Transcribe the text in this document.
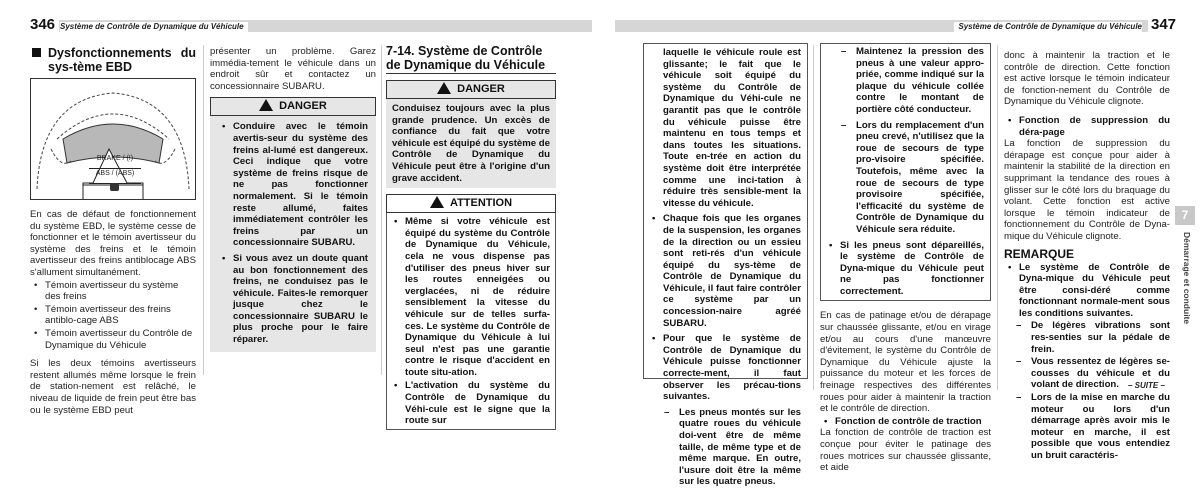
346 Système de Contrôle de Dynamique du Véhicule
Dysfonctionnements du sys-tème EBD
BRAKE / (!)
ABS / (ABS)

En cas de défaut de fonctionnement du système EBD, le système cesse de fonctionner et le témoin avertisseur du système des freins et le témoin avertisseur des freins antiblocage ABS s'allument simultanément.

• Témoin avertisseur du système des freins
• Témoin avertisseur des freins antiblo-cage ABS
• Témoin avertisseur du Contrôle de Dynamique du Véhicule

Si les deux témoins avertisseurs restent allumés même lorsque le frein de station-nement est relâché, le niveau de liquide de frein peut être bas ou le système EBD peut

présenter un problème. Garez immédia-tement le véhicule dans un endroit sûr et contactez un concessionnaire SUBARU.

DANGER
• Conduire avec le témoin avertis-seur du système des freins al-lumé est dangereux. Ceci indique que votre système de freins risque de ne pas fonctionner normalement. Si le témoin reste allumé, faites immédiatement contrôler les freins par un concessionnaire SUBARU.
• Si vous avez un doute quant au bon fonctionnement des freins, ne conduisez pas le véhicule. Faites-le remorquer jusque chez le concessionnaire SUBARU le plus proche pour le faire réparer.
7-14. Système de Contrôle de Dynamique du Véhicule
DANGER
Conduisez toujours avec la plus grande prudence. Un excès de confiance du fait que votre véhicule est équipé du système de Contrôle de Dynamique du Véhicule peut être à l'origine d'un grave accident.
ATTENTION
• Même si votre véhicule est équipé du système du Contrôle de Dynamique du Véhicule, cela ne vous dispense pas d'utiliser des pneus hiver sur les routes enneigées ou verglacées, ni de réduire sensiblement la vitesse du véhicule sur de telles surfa-ces. Le système du Contrôle de Dynamique du Véhicule à lui seul n'est pas une garantie contre le risque d'accident en toute situ-ation.
• L'activation du système du Contrôle de Dynamique du Véhi-cule est le signe que la route sur
Système de Contrôle de Dynamique du Véhicule 347

laquelle le véhicule roule est glissante; le fait que le véhicule soit équipé du système du Contrôle de Dynamique du Véhi-cule ne garantit pas que le contrôle du véhicule puisse être maintenu en tous temps et dans toutes les situations. Toute en-trée en action du système doit être interprétée comme une inci-tation à réduire très sensible-ment la vitesse du véhicule.

• Chaque fois que les organes de la suspension, les organes de la direction ou un essieu sont reti-rés d'un véhicule équipé du sys-tème de Contrôle de Dynamique du Véhicule, il faut faire contrôler ce système par un concession-naire agréé SUBARU.
• Pour que le système de Contrôle de Dynamique du Véhicule puisse fonctionner correcte-ment, il faut observer les précau-tions suivantes.
– Les pneus montés sur les quatre roues du véhicule doi-vent être de même taille, de même type et de même marque. En outre, l'usure doit être la même sur les quatre pneus.
– Maintenez la pression des pneus à une valeur appro-priée, comme indiqué sur la plaque du véhicule collée contre le montant de portière côté conducteur.
– Lors du remplacement d'un pneu crevé, n'utilisez que la roue de secours de type pro-visoire spécifiée. Toutefois, même avec la roue de secours de type provisoire spécifiée, l'efficacité du système de Contrôle de Dynamique du Véhicule sera réduite.
• Si les pneus sont dépareillés, le système de Contrôle de Dyna-mique du Véhicule peut ne pas fonctionner correctement.

En cas de patinage et/ou de dérapage sur chaussée glissante, et/ou en virage et/ou au cours d'une manœuvre d'évitement, le système du Contrôle de Dynamique du Véhicule ajuste la puissance du moteur et les forces de freinage respectives des différentes roues pour aider à maintenir la traction et le contrôle de direction.

• Fonction de contrôle de traction

La fonction de contrôle de traction est conçue pour éviter le patinage des roues motrices sur chaussée glissante, et aide

donc à maintenir la traction et le contrôle de direction. Cette fonction est active lorsque le témoin indicateur de fonction-nement du Contrôle de Dynamique du Véhicule clignote.

• Fonction de suppression du déra-page

La fonction de suppression du dérapage est conçue pour aider à maintenir la stabilité de la direction en supprimant la tendance des roues à glisser sur le côté lors du braquage du volant. Cette fonction est active lorsque le témoin indicateur de fonctionnement du Contrôle de Dyna-mique du Véhicule clignote.

REMARQUE
• Le système de Contrôle de Dyna-mique du Véhicule peut être consi-déré comme fonctionnant normale-ment sous les conditions suivantes.
– De légères vibrations sont res-senties sur la pédale de frein.
– Vous ressentez de légères se-cousses du véhicule et du volant de direction.
– Lors de la mise en marche du moteur ou lors d'un démarrage après avoir mis le moteur en marche, il est possible que vous entendiez un bruit caractéris-
7
Démarrage et conduite
– SUITE –
